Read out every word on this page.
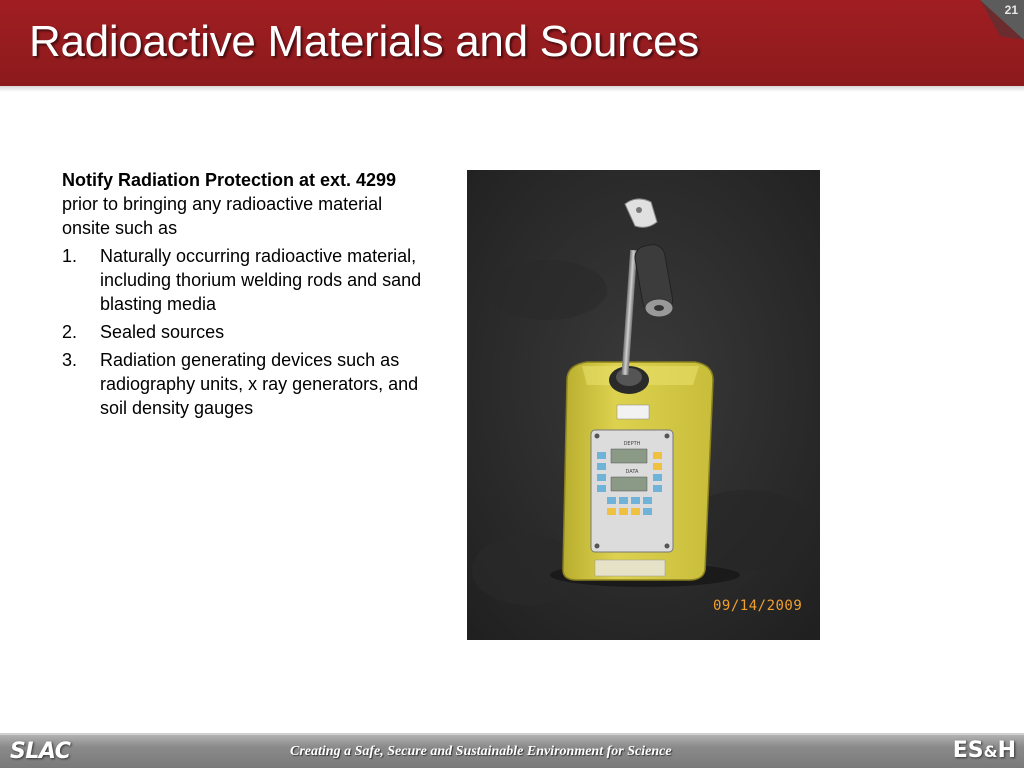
Radioactive Materials and Sources
21

Notify Radiation Protection at ext. 4299 prior to bringing any radioactive material onsite such as

1. Naturally occurring radioactive material, including thorium welding rods and sand blasting media
2. Sealed sources
3. Radiation generating devices such as radiography units, x ray generators, and soil density gauges
DEPTH
DATA
09/14/2009
SLAC	Creating a Safe, Secure and Sustainable Environment for Science	ES&H
